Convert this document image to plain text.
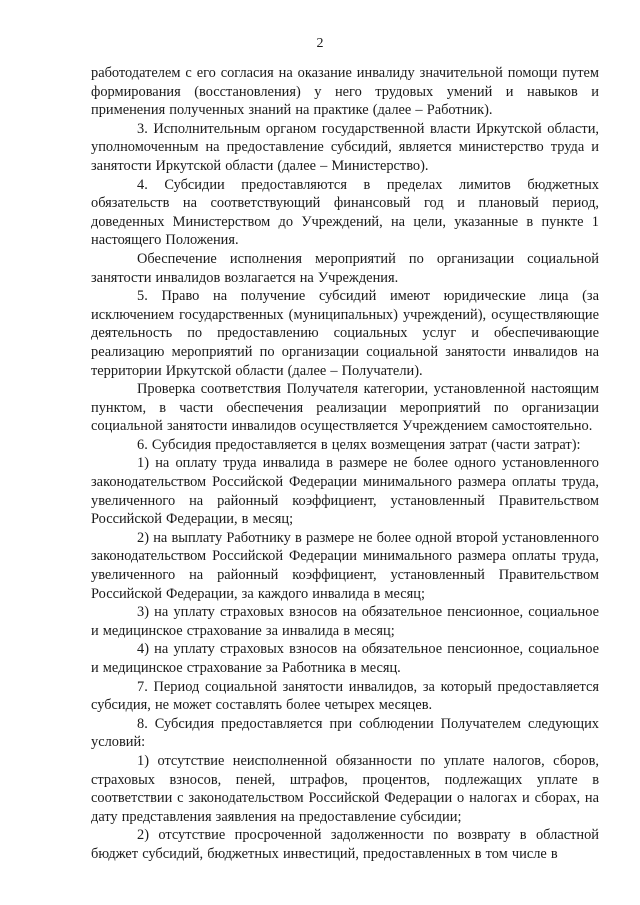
2

работодателем с его согласия на оказание инвалиду значительной помощи путем формирования (восстановления) у него трудовых умений и навыков и применения полученных знаний на практике (далее – Работник).

3. Исполнительным органом государственной власти Иркутской области, уполномоченным на предоставление субсидий, является министерство труда и занятости Иркутской области (далее – Министерство).

4. Субсидии предоставляются в пределах лимитов бюджетных обязательств на соответствующий финансовый год и плановый период, доведенных Министерством до Учреждений, на цели, указанные в пункте 1 настоящего Положения.

Обеспечение исполнения мероприятий по организации социальной занятости инвалидов возлагается на Учреждения.

5. Право на получение субсидий имеют юридические лица (за исключением государственных (муниципальных) учреждений), осуществляющие деятельность по предоставлению социальных услуг и обеспечивающие реализацию мероприятий по организации социальной занятости инвалидов на территории Иркутской области (далее – Получатели).

Проверка соответствия Получателя категории, установленной настоящим пунктом, в части обеспечения реализации мероприятий по организации социальной занятости инвалидов осуществляется Учреждением самостоятельно.

6. Субсидия предоставляется в целях возмещения затрат (части затрат):

1) на оплату труда инвалида в размере не более одного установленного законодательством Российской Федерации минимального размера оплаты труда, увеличенного на районный коэффициент, установленный Правительством Российской Федерации, в месяц;

2) на выплату Работнику в размере не более одной второй установленного законодательством Российской Федерации минимального размера оплаты труда, увеличенного на районный коэффициент, установленный Правительством Российской Федерации, за каждого инвалида в месяц;

3) на уплату страховых взносов на обязательное пенсионное, социальное и медицинское страхование за инвалида в месяц;

4) на уплату страховых взносов на обязательное пенсионное, социальное и медицинское страхование за Работника в месяц.

7. Период социальной занятости инвалидов, за который предоставляется субсидия, не может составлять более четырех месяцев.

8. Субсидия предоставляется при соблюдении Получателем следующих условий:

1) отсутствие неисполненной обязанности по уплате налогов, сборов, страховых взносов, пеней, штрафов, процентов, подлежащих уплате в соответствии с законодательством Российской Федерации о налогах и сборах, на дату представления заявления на предоставление субсидии;

2) отсутствие просроченной задолженности по возврату в областной бюджет субсидий, бюджетных инвестиций, предоставленных в том числе в
